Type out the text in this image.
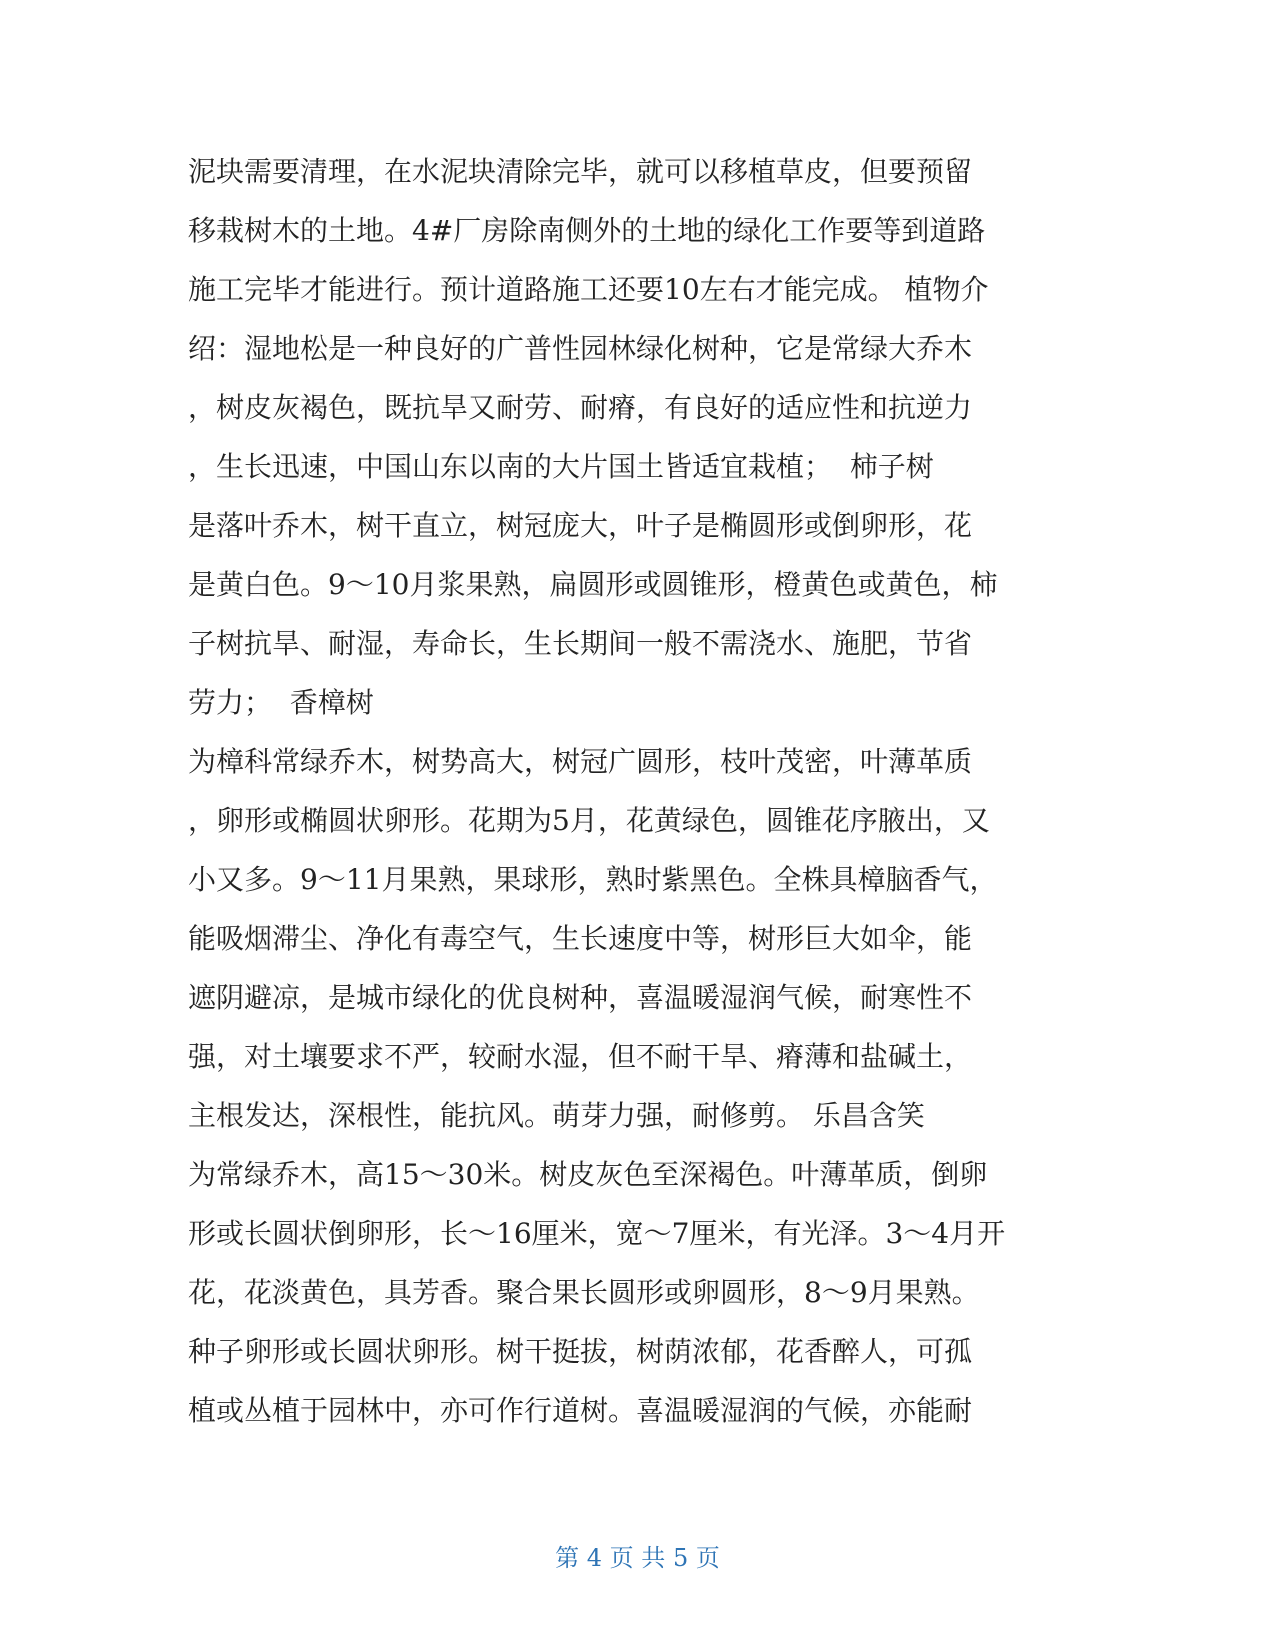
泥块需要清理，在水泥块清除完毕，就可以移植草皮，但要预留
移栽树木的土地。4#厂房除南侧外的土地的绿化工作要等到道路
施工完毕才能进行。预计道路施工还要10左右才能完成。 植物介
绍：湿地松是一种良好的广普性园林绿化树种，它是常绿大乔木
，树皮灰褐色，既抗旱又耐劳、耐瘠，有良好的适应性和抗逆力
，生长迅速，中国山东以南的大片国土皆适宜栽植；  柿子树
是落叶乔木，树干直立，树冠庞大，叶子是椭圆形或倒卵形，花
是黄白色。9～10月浆果熟，扁圆形或圆锥形，橙黄色或黄色，柿
子树抗旱、耐湿，寿命长，生长期间一般不需浇水、施肥，节省
劳力；  香樟树
为樟科常绿乔木，树势高大，树冠广圆形，枝叶茂密，叶薄革质
，卵形或椭圆状卵形。花期为5月，花黄绿色，圆锥花序腋出，又
小又多。9～11月果熟，果球形，熟时紫黑色。全株具樟脑香气，
能吸烟滞尘、净化有毒空气，生长速度中等，树形巨大如伞，能
遮阴避凉，是城市绿化的优良树种，喜温暖湿润气候，耐寒性不
强，对土壤要求不严，较耐水湿，但不耐干旱、瘠薄和盐碱土，
主根发达，深根性，能抗风。萌芽力强，耐修剪。 乐昌含笑
为常绿乔木，高15～30米。树皮灰色至深褐色。叶薄革质，倒卵
形或长圆状倒卵形，长～16厘米，宽～7厘米，有光泽。3～4月开
花，花淡黄色，具芳香。聚合果长圆形或卵圆形，8～9月果熟。
种子卵形或长圆状卵形。树干挺拔，树荫浓郁，花香醉人，可孤
植或丛植于园林中，亦可作行道树。喜温暖湿润的气候，亦能耐
第 4 页 共 5 页
